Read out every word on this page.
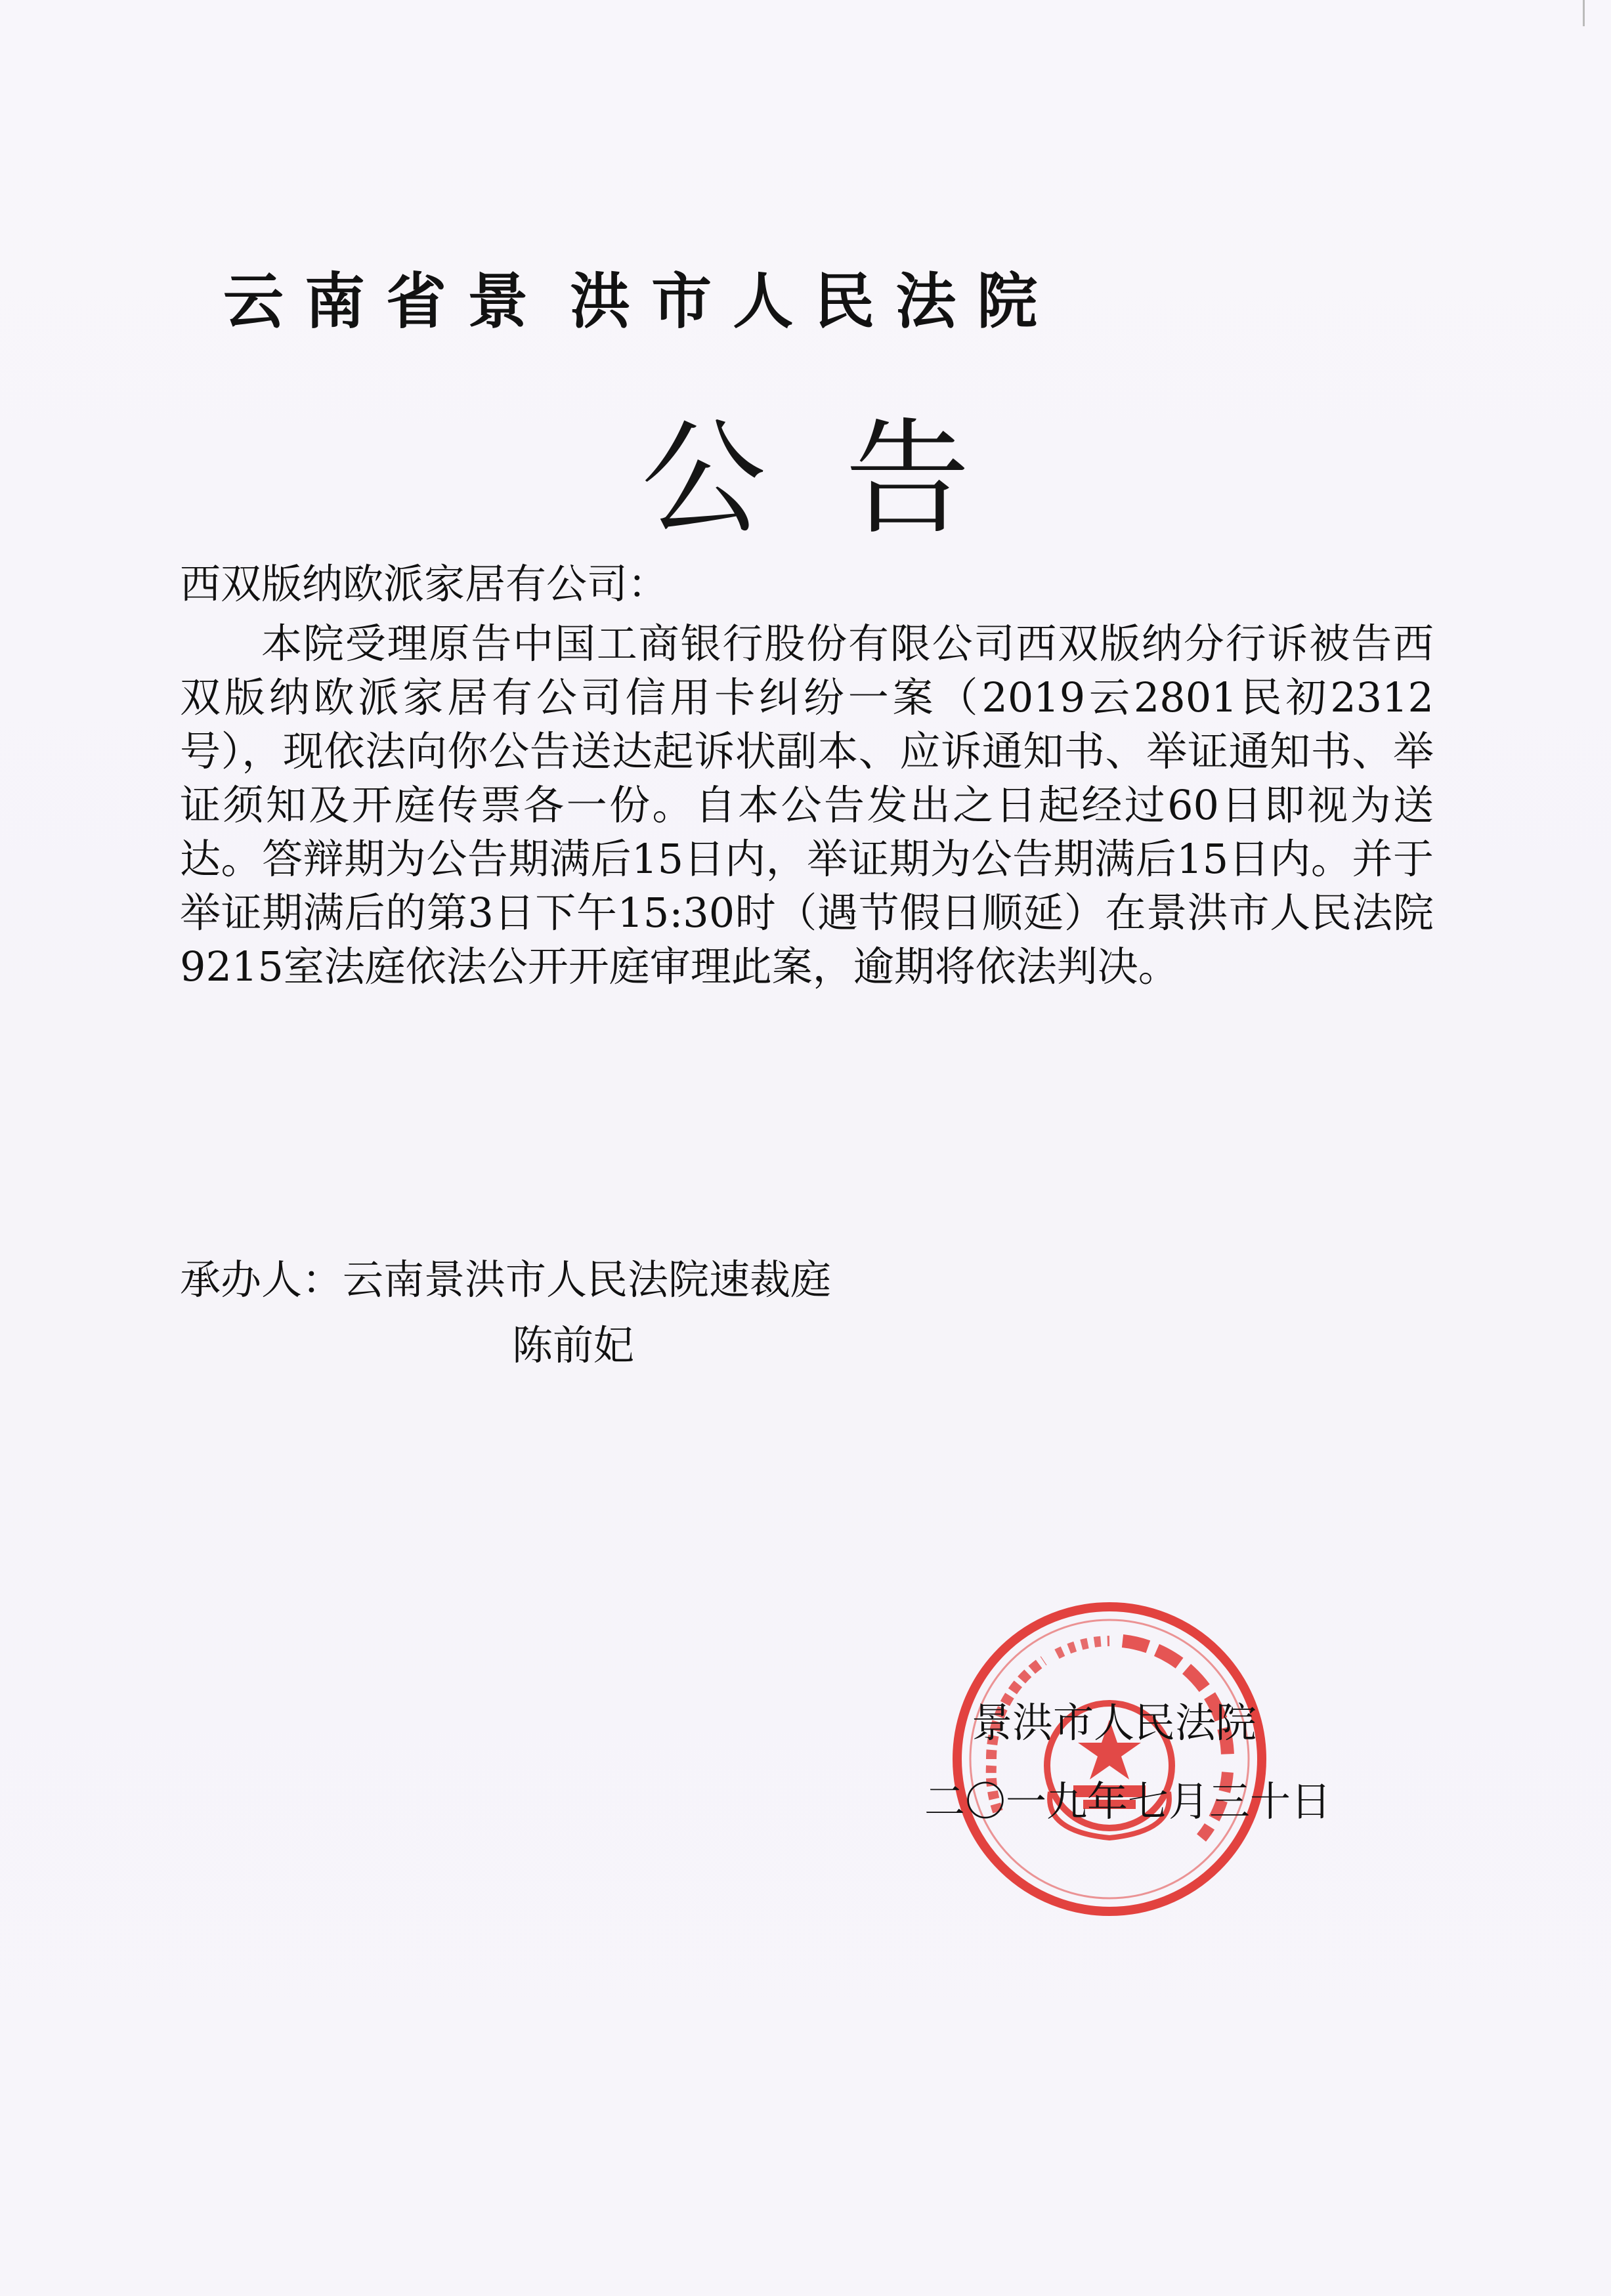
云 南 省 景  洪 市 人 民 法 院
公  告
西双版纳欧派家居有公司：
本院受理原告中国工商银行股份有限公司西双版纳分行诉被告西双版纳欧派家居有公司信用卡纠纷一案（2019云2801民初2312号），现依法向你公告送达起诉状副本、应诉通知书、举证通知书、举证须知及开庭传票各一份。自本公告发出之日起经过60日即视为送达。答辩期为公告期满后15日内，举证期为公告期满后15日内。并于举证期满后的第3日下午15:30时（遇节假日顺延）在景洪市人民法院9215室法庭依法公开开庭审理此案，逾期将依法判决。
承办人：云南景洪市人民法院速裁庭
陈前妃
景洪市人民法院
二〇一九年七月三十日
